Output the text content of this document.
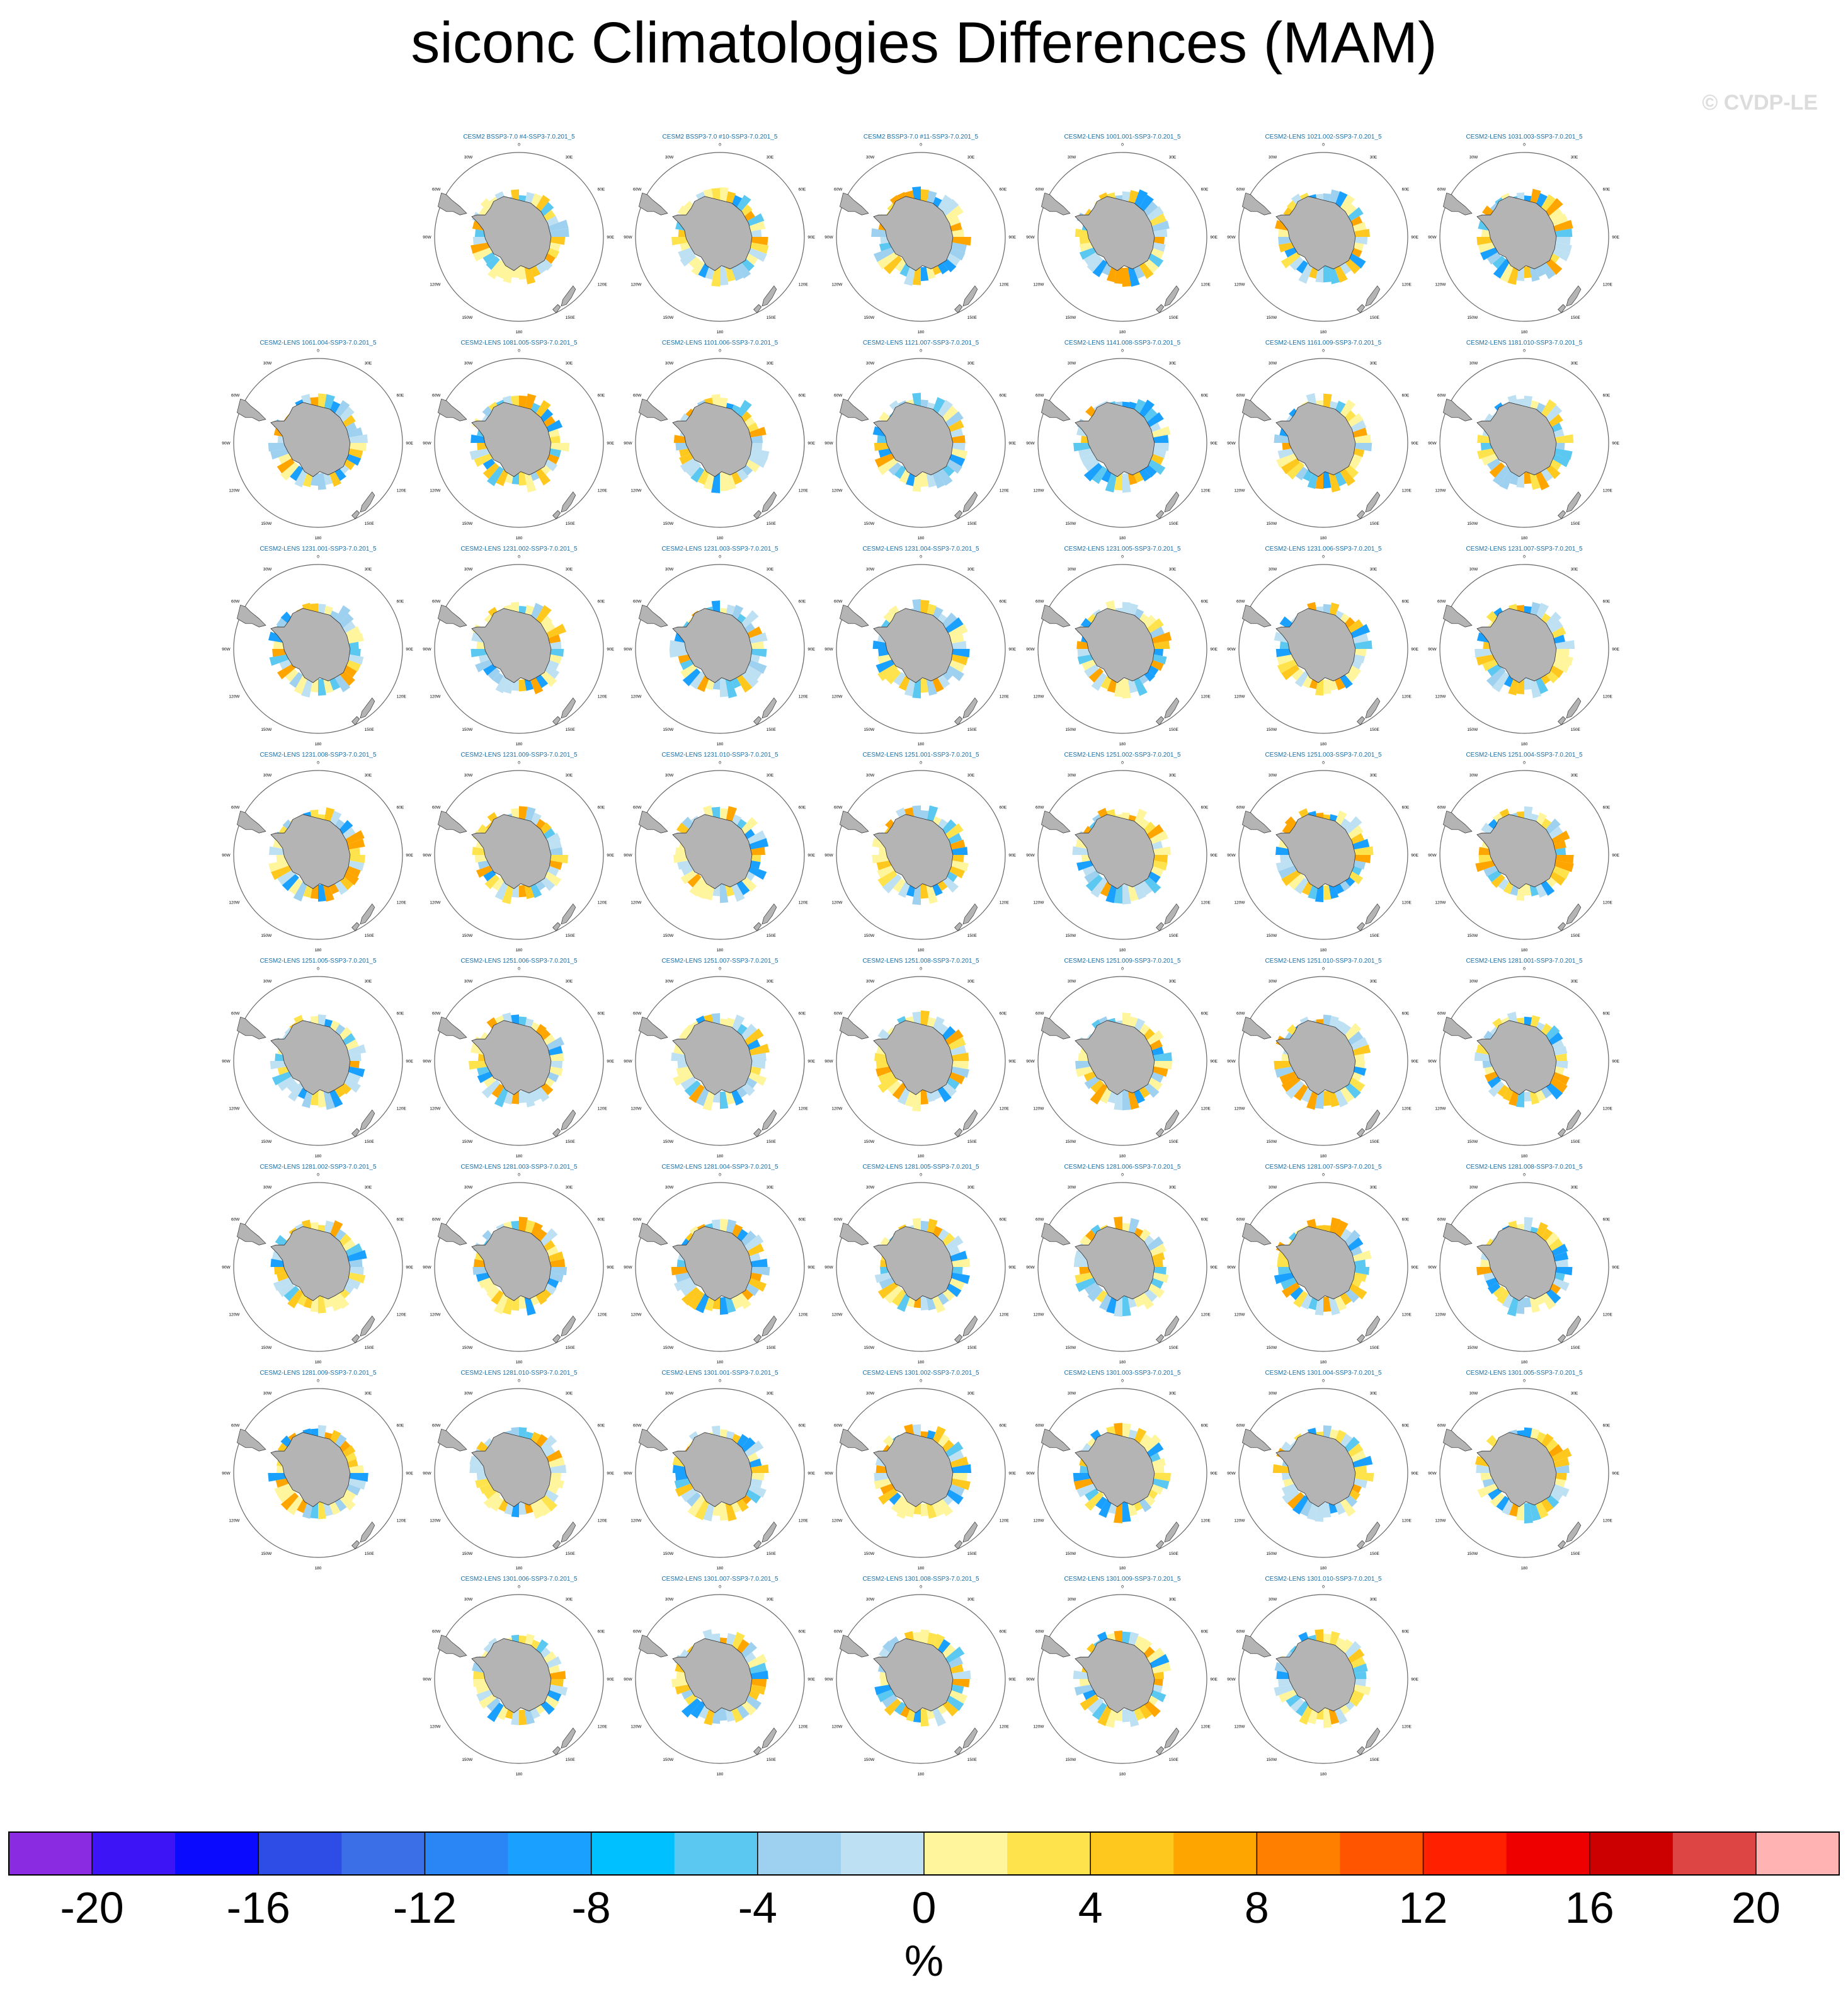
siconc Climatologies Differences (MAM)
© CVDP-LE
0
180
30W	30E
60W	60E
90W	90E
120W	120E
150W	150E
CESM2 BSSP3-7.0 #4-SSP3-7.0.201_5
0
180
30W	30E
60W	60E
90W	90E
120W	120E
150W	150E
CESM2 BSSP3-7.0 #10-SSP3-7.0.201_5
0
180
30W	30E
60W	60E
90W	90E
120W	120E
150W	150E
CESM2 BSSP3-7.0 #11-SSP3-7.0.201_5
0
180
30W	30E
60W	60E
90W	90E
120W	120E
150W	150E
CESM2-LENS 1001.001-SSP3-7.0.201_5
0
180
30W	30E
60W	60E
90W	90E
120W	120E
150W	150E
CESM2-LENS 1021.002-SSP3-7.0.201_5
0
180
30W	30E
60W	60E
90W	90E
120W	120E
150W	150E
CESM2-LENS 1031.003-SSP3-7.0.201_5
0
180
30W	30E
60W	60E
90W	90E
120W	120E
150W	150E
CESM2-LENS 1061.004-SSP3-7.0.201_5
0
180
30W	30E
60W	60E
90W	90E
120W	120E
150W	150E
CESM2-LENS 1081.005-SSP3-7.0.201_5
0
180
30W	30E
60W	60E
90W	90E
120W	120E
150W	150E
CESM2-LENS 1101.006-SSP3-7.0.201_5
0
180
30W	30E
60W	60E
90W	90E
120W	120E
150W	150E
CESM2-LENS 1121.007-SSP3-7.0.201_5
0
180
30W	30E
60W	60E
90W	90E
120W	120E
150W	150E
CESM2-LENS 1141.008-SSP3-7.0.201_5
0
180
30W	30E
60W	60E
90W	90E
120W	120E
150W	150E
CESM2-LENS 1161.009-SSP3-7.0.201_5
0
180
30W	30E
60W	60E
90W	90E
120W	120E
150W	150E
CESM2-LENS 1181.010-SSP3-7.0.201_5
0
180
30W	30E
60W	60E
90W	90E
120W	120E
150W	150E
CESM2-LENS 1231.001-SSP3-7.0.201_5
0
180
30W	30E
60W	60E
90W	90E
120W	120E
150W	150E
CESM2-LENS 1231.002-SSP3-7.0.201_5
0
180
30W	30E
60W	60E
90W	90E
120W	120E
150W	150E
CESM2-LENS 1231.003-SSP3-7.0.201_5
0
180
30W	30E
60W	60E
90W	90E
120W	120E
150W	150E
CESM2-LENS 1231.004-SSP3-7.0.201_5
0
180
30W	30E
60W	60E
90W	90E
120W	120E
150W	150E
CESM2-LENS 1231.005-SSP3-7.0.201_5
0
180
30W	30E
60W	60E
90W	90E
120W	120E
150W	150E
CESM2-LENS 1231.006-SSP3-7.0.201_5
0
180
30W	30E
60W	60E
90W	90E
120W	120E
150W	150E
CESM2-LENS 1231.007-SSP3-7.0.201_5
0
180
30W	30E
60W	60E
90W	90E
120W	120E
150W	150E
CESM2-LENS 1231.008-SSP3-7.0.201_5
0
180
30W	30E
60W	60E
90W	90E
120W	120E
150W	150E
CESM2-LENS 1231.009-SSP3-7.0.201_5
0
180
30W	30E
60W	60E
90W	90E
120W	120E
150W	150E
CESM2-LENS 1231.010-SSP3-7.0.201_5
0
180
30W	30E
60W	60E
90W	90E
120W	120E
150W	150E
CESM2-LENS 1251.001-SSP3-7.0.201_5
0
180
30W	30E
60W	60E
90W	90E
120W	120E
150W	150E
CESM2-LENS 1251.002-SSP3-7.0.201_5
0
180
30W	30E
60W	60E
90W	90E
120W	120E
150W	150E
CESM2-LENS 1251.003-SSP3-7.0.201_5
0
180
30W	30E
60W	60E
90W	90E
120W	120E
150W	150E
CESM2-LENS 1251.004-SSP3-7.0.201_5
0
180
30W	30E
60W	60E
90W	90E
120W	120E
150W	150E
CESM2-LENS 1251.005-SSP3-7.0.201_5
0
180
30W	30E
60W	60E
90W	90E
120W	120E
150W	150E
CESM2-LENS 1251.006-SSP3-7.0.201_5
0
180
30W	30E
60W	60E
90W	90E
120W	120E
150W	150E
CESM2-LENS 1251.007-SSP3-7.0.201_5
0
180
30W	30E
60W	60E
90W	90E
120W	120E
150W	150E
CESM2-LENS 1251.008-SSP3-7.0.201_5
0
180
30W	30E
60W	60E
90W	90E
120W	120E
150W	150E
CESM2-LENS 1251.009-SSP3-7.0.201_5
0
180
30W	30E
60W	60E
90W	90E
120W	120E
150W	150E
CESM2-LENS 1251.010-SSP3-7.0.201_5
0
180
30W	30E
60W	60E
90W	90E
120W	120E
150W	150E
CESM2-LENS 1281.001-SSP3-7.0.201_5
0
180
30W	30E
60W	60E
90W	90E
120W	120E
150W	150E
CESM2-LENS 1281.002-SSP3-7.0.201_5
0
180
30W	30E
60W	60E
90W	90E
120W	120E
150W	150E
CESM2-LENS 1281.003-SSP3-7.0.201_5
0
180
30W	30E
60W	60E
90W	90E
120W	120E
150W	150E
CESM2-LENS 1281.004-SSP3-7.0.201_5
0
180
30W	30E
60W	60E
90W	90E
120W	120E
150W	150E
CESM2-LENS 1281.005-SSP3-7.0.201_5
0
180
30W	30E
60W	60E
90W	90E
120W	120E
150W	150E
CESM2-LENS 1281.006-SSP3-7.0.201_5
0
180
30W	30E
60W	60E
90W	90E
120W	120E
150W	150E
CESM2-LENS 1281.007-SSP3-7.0.201_5
0
180
30W	30E
60W	60E
90W	90E
120W	120E
150W	150E
CESM2-LENS 1281.008-SSP3-7.0.201_5
0
180
30W	30E
60W	60E
90W	90E
120W	120E
150W	150E
CESM2-LENS 1281.009-SSP3-7.0.201_5
0
180
30W	30E
60W	60E
90W	90E
120W	120E
150W	150E
CESM2-LENS 1281.010-SSP3-7.0.201_5
0
180
30W	30E
60W	60E
90W	90E
120W	120E
150W	150E
CESM2-LENS 1301.001-SSP3-7.0.201_5
0
180
30W	30E
60W	60E
90W	90E
120W	120E
150W	150E
CESM2-LENS 1301.002-SSP3-7.0.201_5
0
180
30W	30E
60W	60E
90W	90E
120W	120E
150W	150E
CESM2-LENS 1301.003-SSP3-7.0.201_5
0
180
30W	30E
60W	60E
90W	90E
120W	120E
150W	150E
CESM2-LENS 1301.004-SSP3-7.0.201_5
0
180
30W	30E
60W	60E
90W	90E
120W	120E
150W	150E
CESM2-LENS 1301.005-SSP3-7.0.201_5
0
180
30W	30E
60W	60E
90W	90E
120W	120E
150W	150E
CESM2-LENS 1301.006-SSP3-7.0.201_5
0
180
30W	30E
60W	60E
90W	90E
120W	120E
150W	150E
CESM2-LENS 1301.007-SSP3-7.0.201_5
0
180
30W	30E
60W	60E
90W	90E
120W	120E
150W	150E
CESM2-LENS 1301.008-SSP3-7.0.201_5
0
180
30W	30E
60W	60E
90W	90E
120W	120E
150W	150E
CESM2-LENS 1301.009-SSP3-7.0.201_5
0
180
30W	30E
60W	60E
90W	90E
120W	120E
150W	150E
CESM2-LENS 1301.010-SSP3-7.0.201_5
-20 -16 -12	-8	-4	0	4	8	12	16	20
%
